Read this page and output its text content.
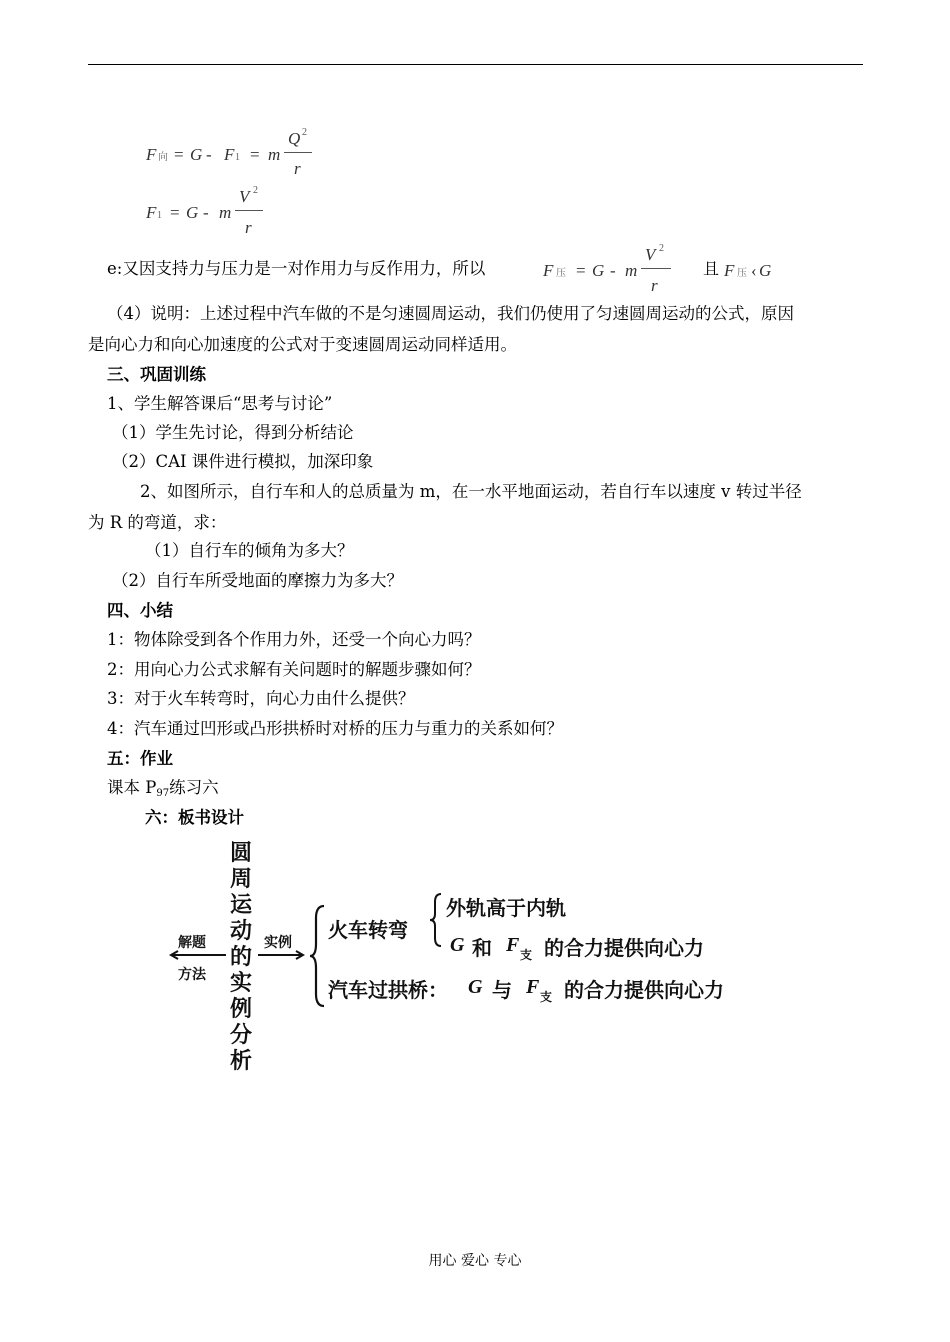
F 向 = G - F 1 = m
Q 2
r
F 1 = G - m
V 2
r
e:又因支持力与压力是一对作用力与反作用力，所以	F 压 = G - m
V 2
r
且 F 压 ‹ G
（4）说明：上述过程中汽车做的不是匀速圆周运动，我们仍使用了匀速圆周运动的公式，原因
是向心力和向心加速度的公式对于变速圆周运动同样适用。
三、巩固训练
1、学生解答课后“思考与讨论”
（1）学生先讨论，得到分析结论
（2）CAI 课件进行模拟，加深印象
2、如图所示，自行车和人的总质量为 m，在一水平地面运动，若自行车以速度 v 转过半径
为 R 的弯道，求：
（1）自行车的倾角为多大？
（2）自行车所受地面的摩擦力为多大？
四、小结
1：物体除受到各个作用力外，还受一个向心力吗？
2：用向心力公式求解有关问题时的解题步骤如何？
3：对于火车转弯时，向心力由什么提供？
4：汽车通过凹形或凸形拱桥时对桥的压力与重力的关系如何？
五：作业
课本 P97练习六
六：板书设计
圆
周
运
动
的
实
例
分
析
解题
方法
实例
火车转弯
外轨高于内轨
G 和 F 支 的合力提供向心力
汽车过拱桥： G 与 F 支 的合力提供向心力
用心 爱心 专心
